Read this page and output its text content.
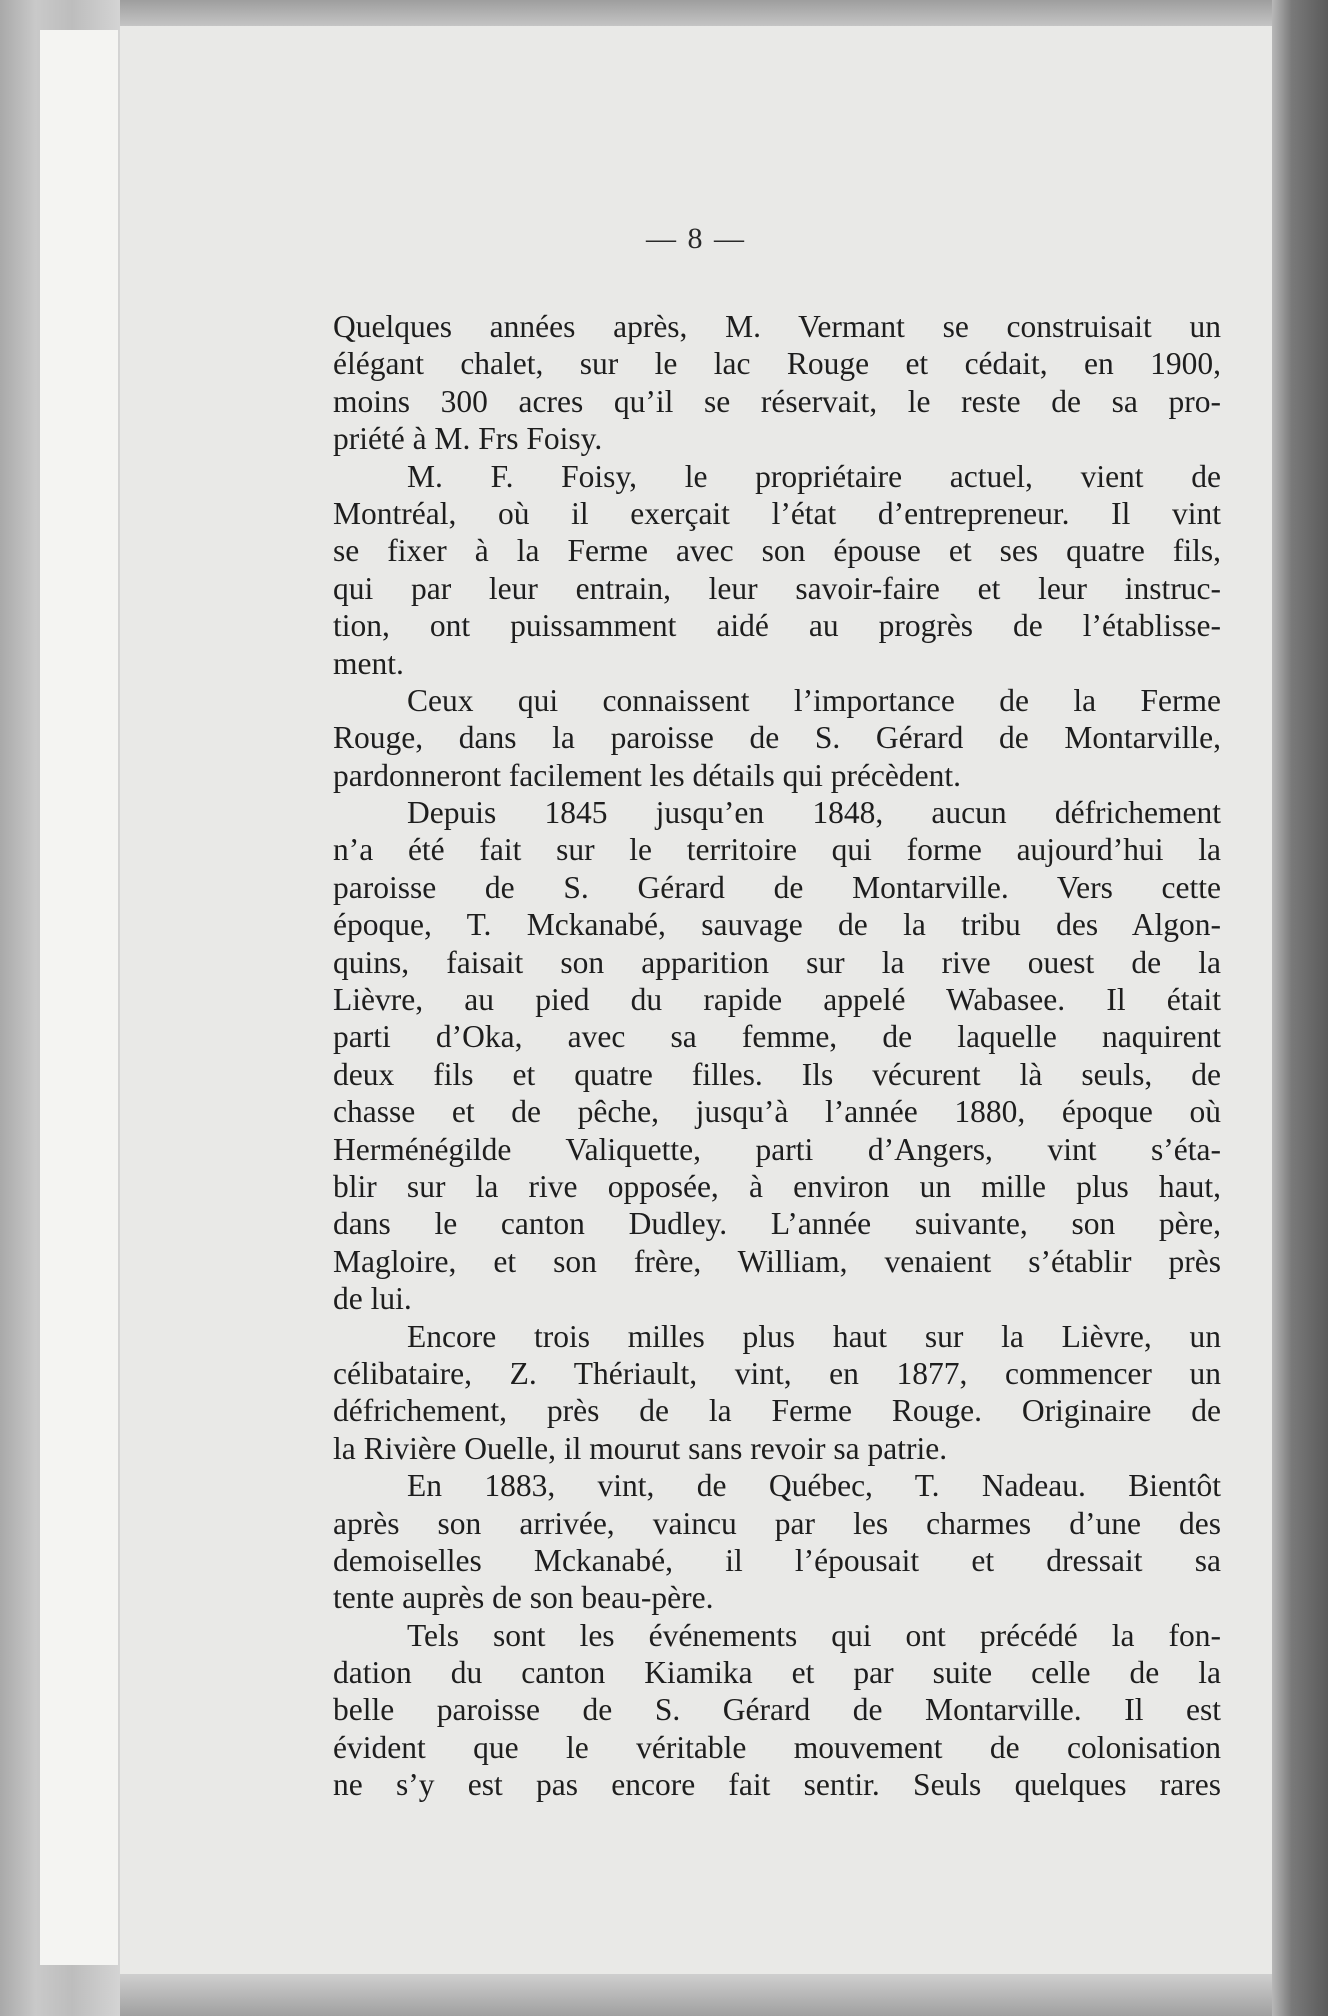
— 8 —
Quelques années après, M. Vermant se construisait un
élégant chalet, sur le lac Rouge et cédait, en 1900,
moins 300 acres qu’il se réservait, le reste de sa pro-
priété à M. Frs Foisy.
M. F. Foisy, le propriétaire actuel, vient de
Montréal, où il exerçait l’état d’entrepreneur. Il vint
se fixer à la Ferme avec son épouse et ses quatre fils,
qui par leur entrain, leur savoir-faire et leur instruc-
tion, ont puissamment aidé au progrès de l’établisse-
ment.
Ceux qui connaissent l’importance de la Ferme
Rouge, dans la paroisse de S. Gérard de Montarville,
pardonneront facilement les détails qui précèdent.
Depuis 1845 jusqu’en 1848, aucun défrichement
n’a été fait sur le territoire qui forme aujourd’hui la
paroisse de S. Gérard de Montarville. Vers cette
époque, T. Mckanabé, sauvage de la tribu des Algon-
quins, faisait son apparition sur la rive ouest de la
Lièvre, au pied du rapide appelé Wabasee. Il était
parti d’Oka, avec sa femme, de laquelle naquirent
deux fils et quatre filles. Ils vécurent là seuls, de
chasse et de pêche, jusqu’à l’année 1880, époque où
Herménégilde Valiquette, parti d’Angers, vint s’éta-
blir sur la rive opposée, à environ un mille plus haut,
dans le canton Dudley. L’année suivante, son père,
Magloire, et son frère, William, venaient s’établir près
de lui.
Encore trois milles plus haut sur la Lièvre, un
célibataire, Z. Thériault, vint, en 1877, commencer un
défrichement, près de la Ferme Rouge. Originaire de
la Rivière Ouelle, il mourut sans revoir sa patrie.
En 1883, vint, de Québec, T. Nadeau. Bientôt
après son arrivée, vaincu par les charmes d’une des
demoiselles Mckanabé, il l’épousait et dressait sa
tente auprès de son beau-père.
Tels sont les événements qui ont précédé la fon-
dation du canton Kiamika et par suite celle de la
belle paroisse de S. Gérard de Montarville. Il est
évident que le véritable mouvement de colonisation
ne s’y est pas encore fait sentir. Seuls quelques rares
